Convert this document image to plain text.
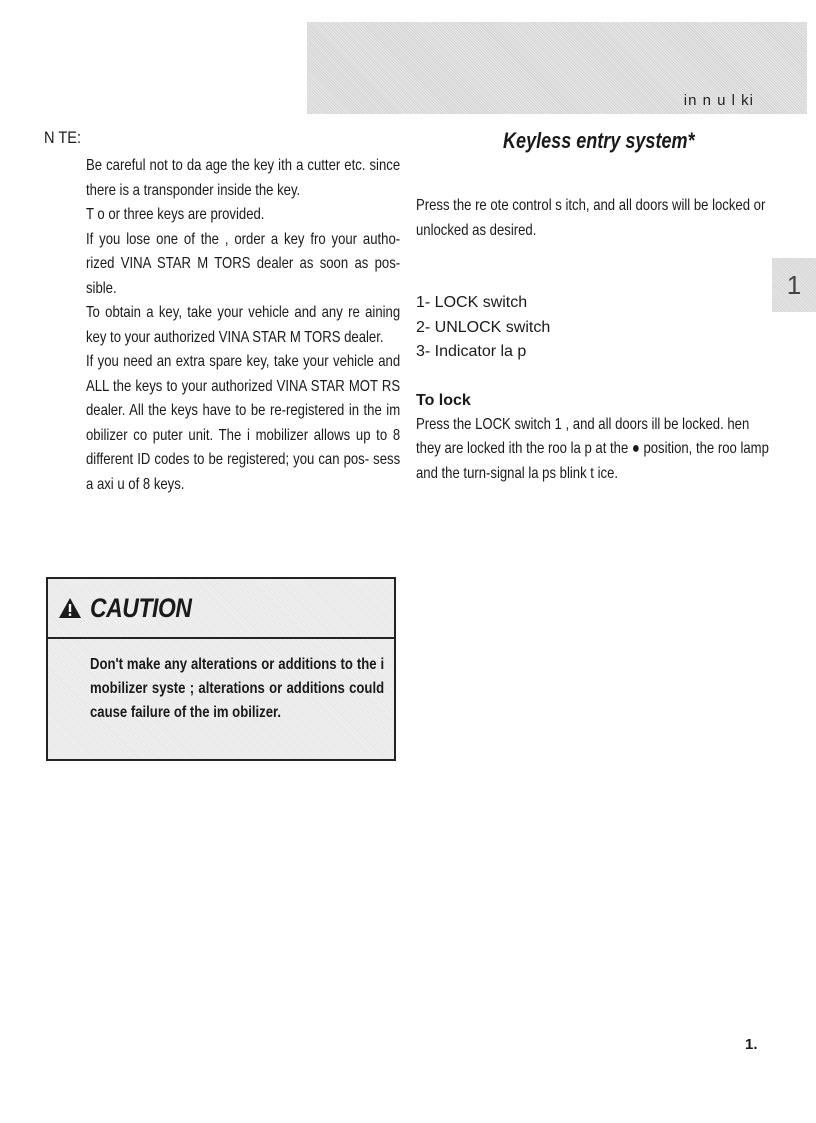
in n u l ki

N TE:

Be careful not to da age the key ith a cutter etc. since there is a transponder inside the key.
T o or three keys are provided.
If you lose one of the , order a key fro your autho- rized VINA STAR M TORS dealer as soon as pos- sible.
To obtain a key, take your vehicle and any re aining key to your authorized VINA STAR M TORS dealer.
If you need an extra spare key, take your vehicle and ALL the keys to your authorized VINA STAR MOT RS dealer. All the keys have to be re-registered in the im obilizer co puter unit. The i mobilizer allows up to 8 different ID codes to be registered; you can pos- sess a axi u of 8 keys.
CAUTION

Don't make any alterations or additions to the i mobilizer syste ; alterations or additions could cause failure of the im obilizer.

Keyless entry system*

Press the re ote control s itch, and all doors will be locked or unlocked as desired.

1- LOCK switch

2- UNLOCK switch

3- Indicator la p

To lock

Press the LOCK switch 1 , and all doors ill be locked. hen they are locked ith the roo la p at the ● position, the roo lamp and the turn-signal la ps blink t ice.

1
1.
